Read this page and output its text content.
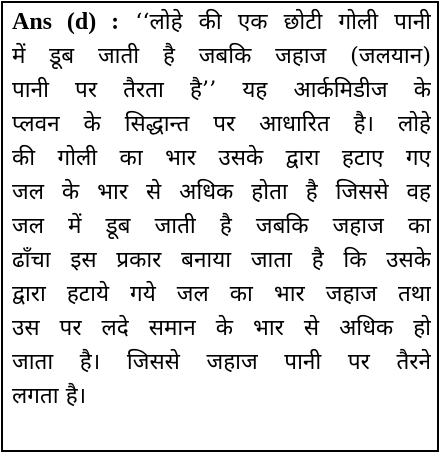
Ans (d) : ‘‘लोहे की एक छोटी गोली पानी
में डूब जाती है जबकि जहाज (जलयान)
पानी पर तैरता है’’ यह आर्कमिडीज के
प्लवन के सिद्धान्त पर आधारित है। लोहे
की गोली का भार उसके द्वारा हटाए गए
जल के भार से अधिक होता है जिससे वह
जल में डूब जाती है जबकि जहाज का
ढाँचा इस प्रकार बनाया जाता है कि उसके
द्वारा हटाये गये जल का भार जहाज तथा
उस पर लदे समान के भार से अधिक हो
जाता है। जिससे जहाज पानी पर तैरने
लगता है।
